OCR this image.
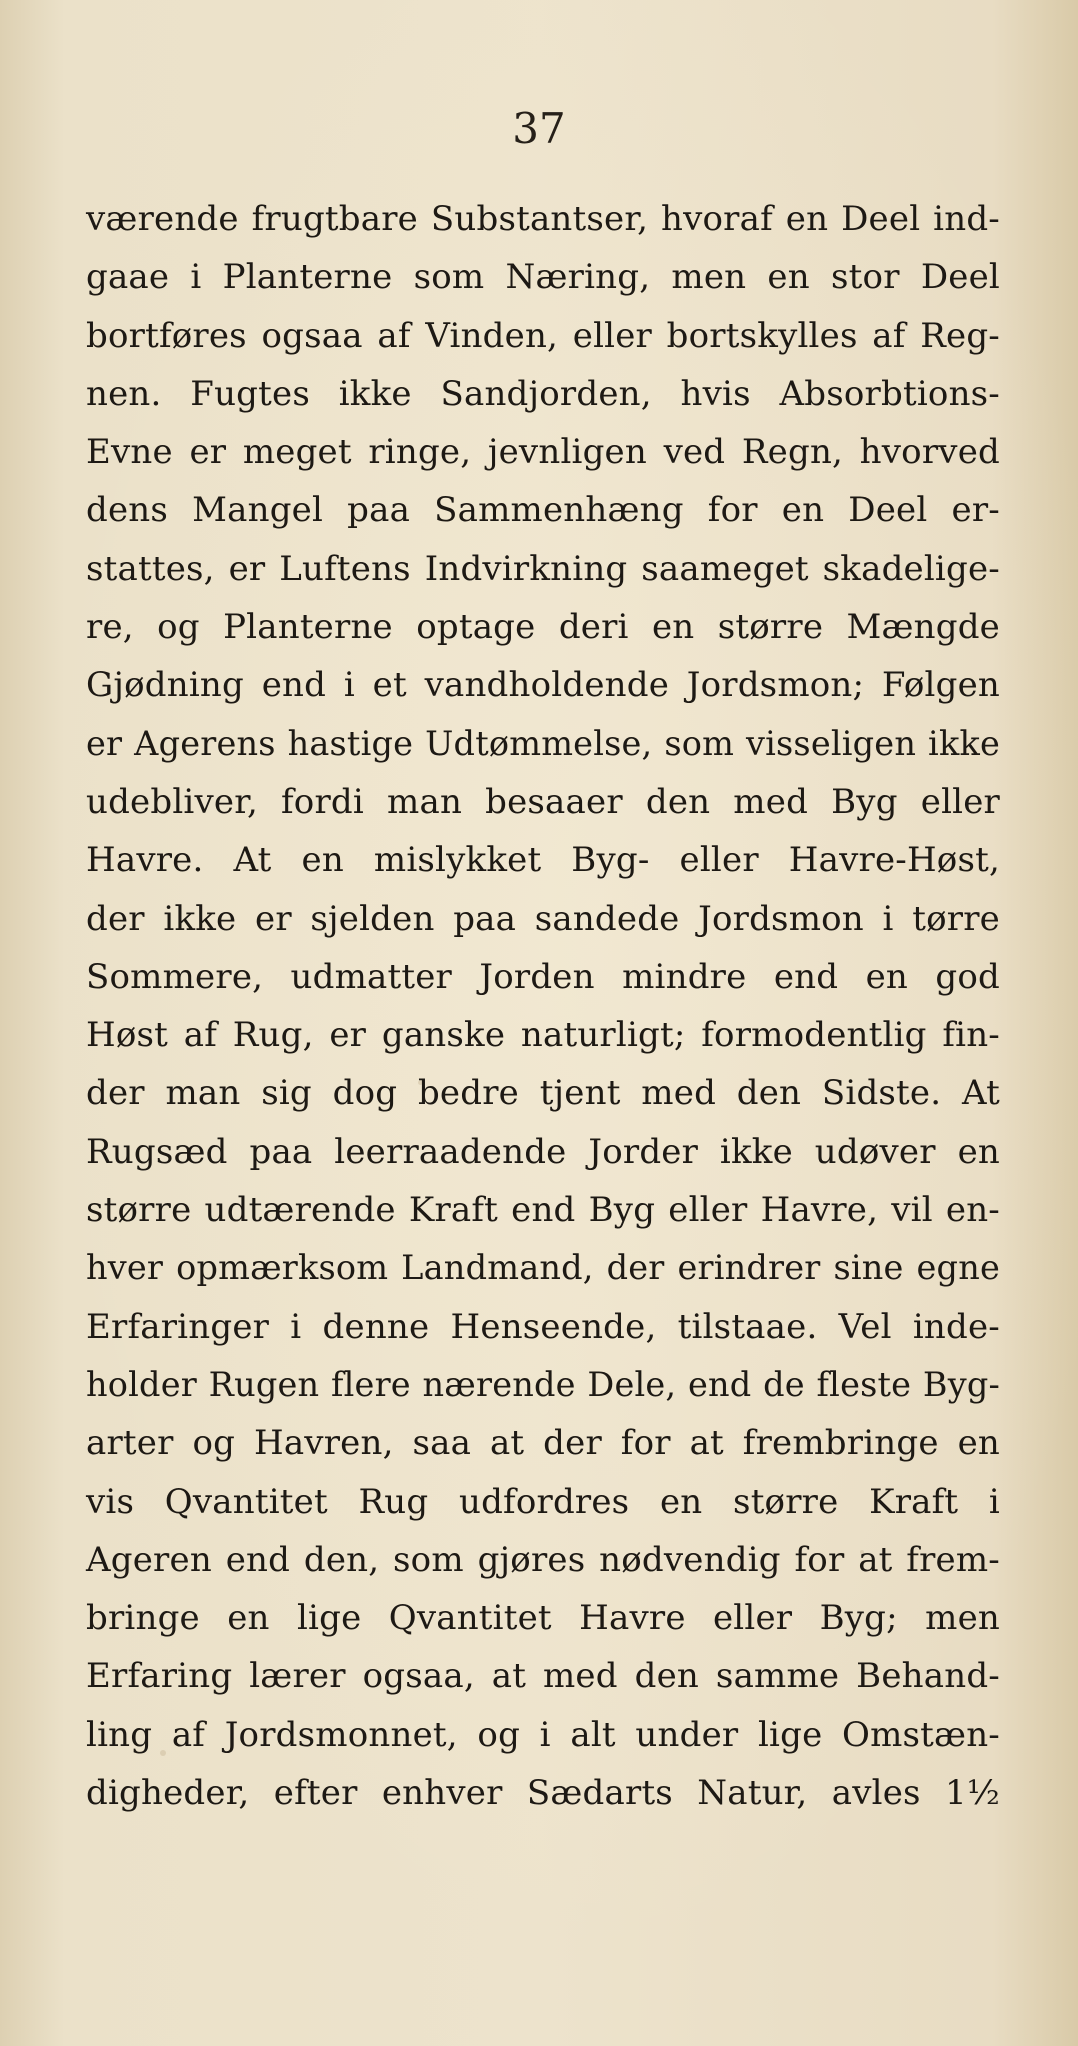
37
værende frugtbare Substantser, hvoraf en Deel ind-
gaae i Planterne som Næring, men en stor Deel
bortføres ogsaa af Vinden, eller bortskylles af Reg-
nen. Fugtes ikke Sandjorden, hvis Absorbtions-
Evne er meget ringe, jevnligen ved Regn, hvorved
dens Mangel paa Sammenhæng for en Deel er-
stattes, er Luftens Indvirkning saameget skadelige-
re, og Planterne optage deri en større Mængde
Gjødning end i et vandholdende Jordsmon; Følgen
er Agerens hastige Udtømmelse, som visseligen ikke
udebliver, fordi man besaaer den med Byg eller
Havre. At en mislykket Byg- eller Havre-Høst,
der ikke er sjelden paa sandede Jordsmon i tørre
Sommere, udmatter Jorden mindre end en god
Høst af Rug, er ganske naturligt; formodentlig fin-
der man sig dog bedre tjent med den Sidste. At
Rugsæd paa leerraadende Jorder ikke udøver en
større udtærende Kraft end Byg eller Havre, vil en-
hver opmærksom Landmand, der erindrer sine egne
Erfaringer i denne Henseende, tilstaae. Vel inde-
holder Rugen flere nærende Dele, end de fleste Byg-
arter og Havren, saa at der for at frembringe en
vis Qvantitet Rug udfordres en større Kraft i
Ageren end den, som gjøres nødvendig for at frem-
bringe en lige Qvantitet Havre eller Byg; men
Erfaring lærer ogsaa, at med den samme Behand-
ling af Jordsmonnet, og i alt under lige Omstæn-
digheder, efter enhver Sædarts Natur, avles 1½
